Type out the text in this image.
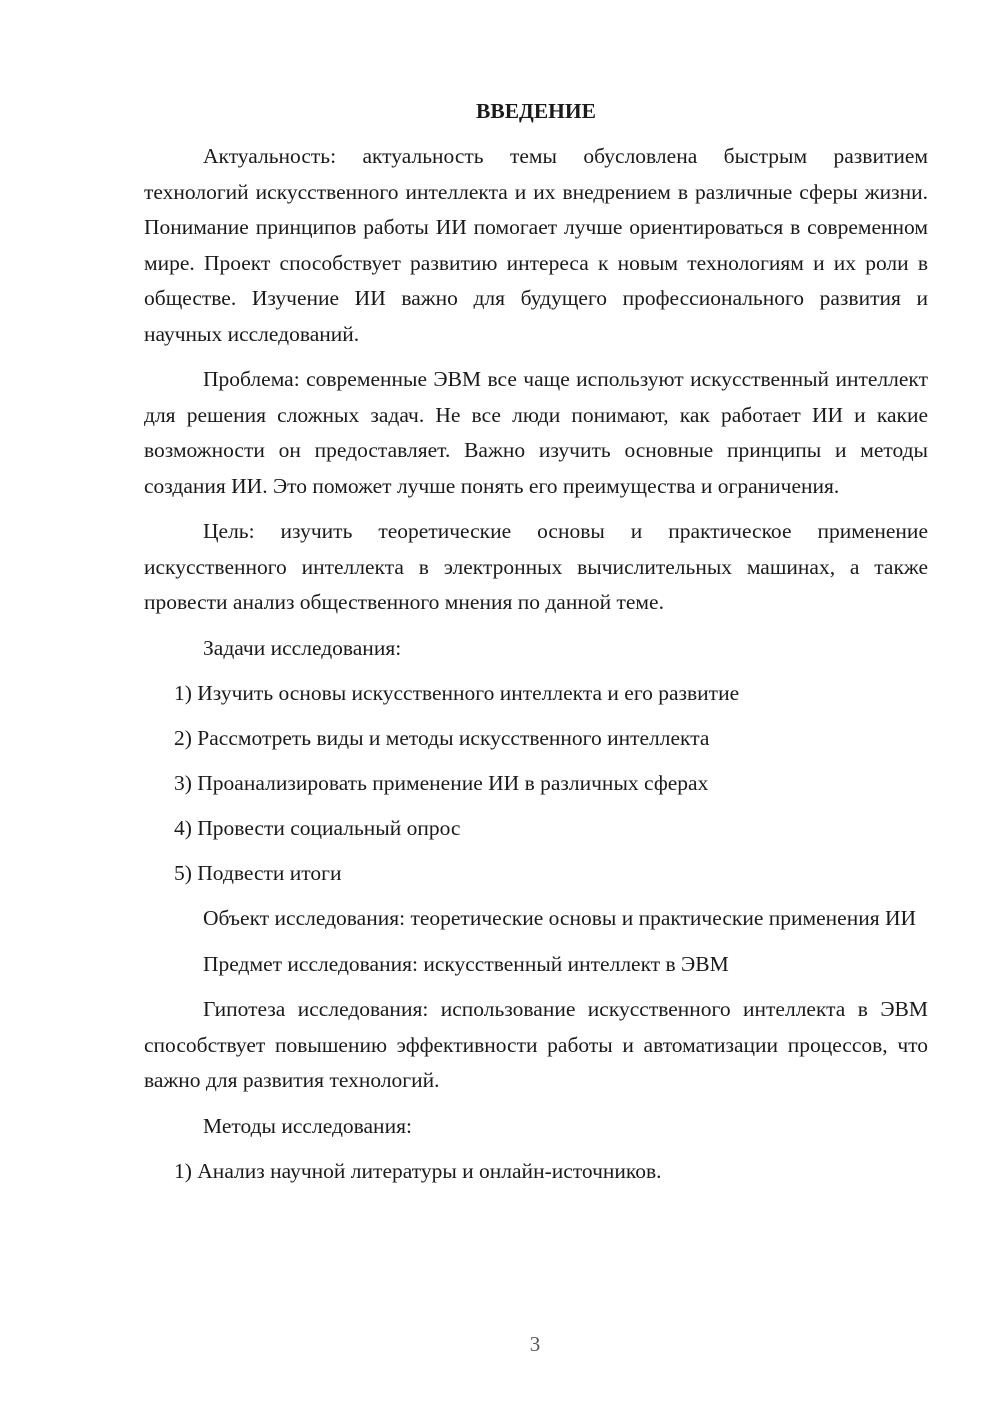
ВВЕДЕНИЕ

Актуальность: актуальность темы обусловлена быстрым развитием технологий искусственного интеллекта и их внедрением в различные сферы жизни. Понимание принципов работы ИИ помогает лучше ориентироваться в современном мире. Проект способствует развитию интереса к новым технологиям и их роли в обществе. Изучение ИИ важно для будущего профессионального развития и научных исследований.

Проблема: современные ЭВМ все чаще используют искусственный интеллект для решения сложных задач. Не все люди понимают, как работает ИИ и какие возможности он предоставляет. Важно изучить основные принципы и методы создания ИИ. Это поможет лучше понять его преимущества и ограничения.

Цель: изучить теоретические основы и практическое применение искусственного интеллекта в электронных вычислительных машинах, а также провести анализ общественного мнения по данной теме.

Задачи исследования:

1) Изучить основы искусственного интеллекта и его развитие
2) Рассмотреть виды и методы искусственного интеллекта
3) Проанализировать применение ИИ в различных сферах
4) Провести социальный опрос
5) Подвести итоги

Объект исследования: теоретические основы и практические применения ИИ

Предмет исследования: искусственный интеллект в ЭВМ

Гипотеза исследования: использование искусственного интеллекта в ЭВМ способствует повышению эффективности работы и автоматизации процессов, что важно для развития технологий.

Методы исследования:

1) Анализ научной литературы и онлайн-источников.
3
